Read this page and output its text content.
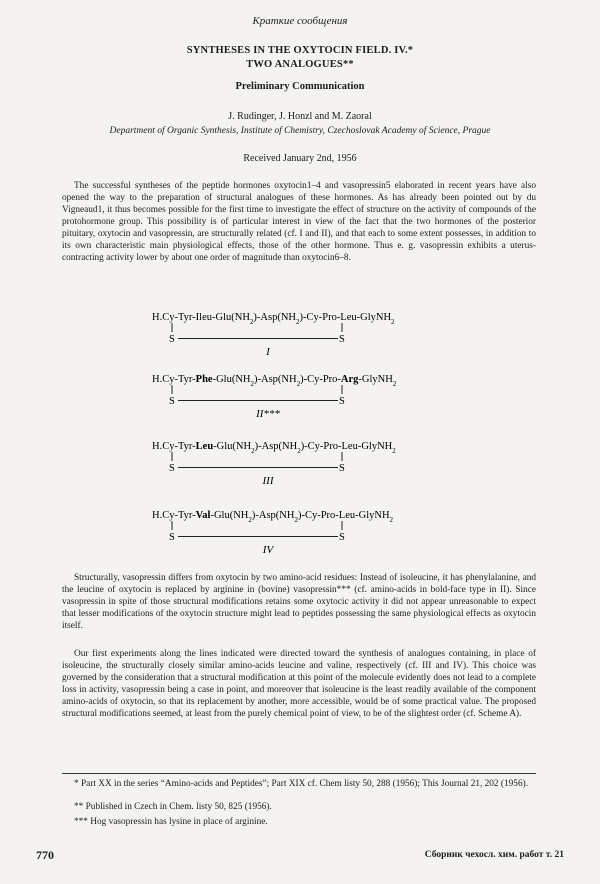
Краткие сообщения
SYNTHESES IN THE OXYTOCIN FIELD. IV.*
TWO ANALOGUES**
Preliminary Communication
J. Rudinger, J. Honzl and M. Zaoral
Department of Organic Synthesis, Institute of Chemistry, Czechoslovak Academy of Science, Prague
Received January 2nd, 1956

The successful syntheses of the peptide hormones oxytocin1–4 and vasopressin5 elaborated in recent years have also opened the way to the preparation of structural analogues of these hormones. As has already been pointed out by du Vigneaud1, it thus becomes possible for the first time to investigate the effect of structure on the activity of compounds of the protohormone group. This possibility is of particular interest in view of the fact that the two hormones of the posterior pituitary, oxytocin and vasopressin, are structurally related (cf. I and II), and that each to some extent possesses, in addition to its own characteristic main physiological effects, those of the other hormone. Thus e. g. vasopressin exhibits a uterus-contracting activity lower by about one order of magnitude than oxytocin6–8.

$H.Cy-Tyr-Ileu-Glu(NH_2)-Asp(NH_2)-Cy-Pro-Leu-GlyNH_2$
S	S
I
$H.Cy-Tyr-Phe-Glu(NH_2)-Asp(NH_2)-Cy-Pro-Arg-GlyNH_2$
S	S
II***
$H.Cy-Tyr-Leu-Glu(NH_2)-Asp(NH_2)-Cy-Pro-Leu-GlyNH_2$
S	S
III
$H.Cy-Tyr-Val-Glu(NH_2)-Asp(NH_2)-Cy-Pro-Leu-GlyNH_2$
S	S
IV

Structurally, vasopressin differs from oxytocin by two amino-acid residues: Instead of isoleucine, it has phenylalanine, and the leucine of oxytocin is replaced by arginine in (bovine) vasopressin*** (cf. amino-acids in bold-face type in II). Since vasopressin in spite of those structural modifications retains some oxytocic activity it did not appear unreasonable to expect that lesser modifications of the oxytocin structure might lead to peptides possessing the same physiological effects as oxytocin itself.

Our first experiments along the lines indicated were directed toward the synthesis of analogues containing, in place of isoleucine, the structurally closely similar amino-acids leucine and valine, respectively (cf. III and IV). This choice was governed by the consideration that a structural modification at this point of the molecule evidently does not lead to a complete loss in activity, vasopressin being a case in point, and moreover that isoleucine is the least readily available of the component amino-acids of oxytocin, so that its replacement by another, more accessible, would be of some practical value. The proposed structural modifications seemed, at least from the purely chemical point of view, to be of the slightest order (cf. Scheme A).

* Part XX in the series “Amino-acids and Peptides”; Part XIX cf. Chem listy 50, 288 (1956); This Journal 21, 202 (1956).

** Published in Czech in Chem. listy 50, 825 (1956).

*** Hog vasopressin has lysine in place of arginine.

770	Сборник чехосл. хим. работ т. 21
